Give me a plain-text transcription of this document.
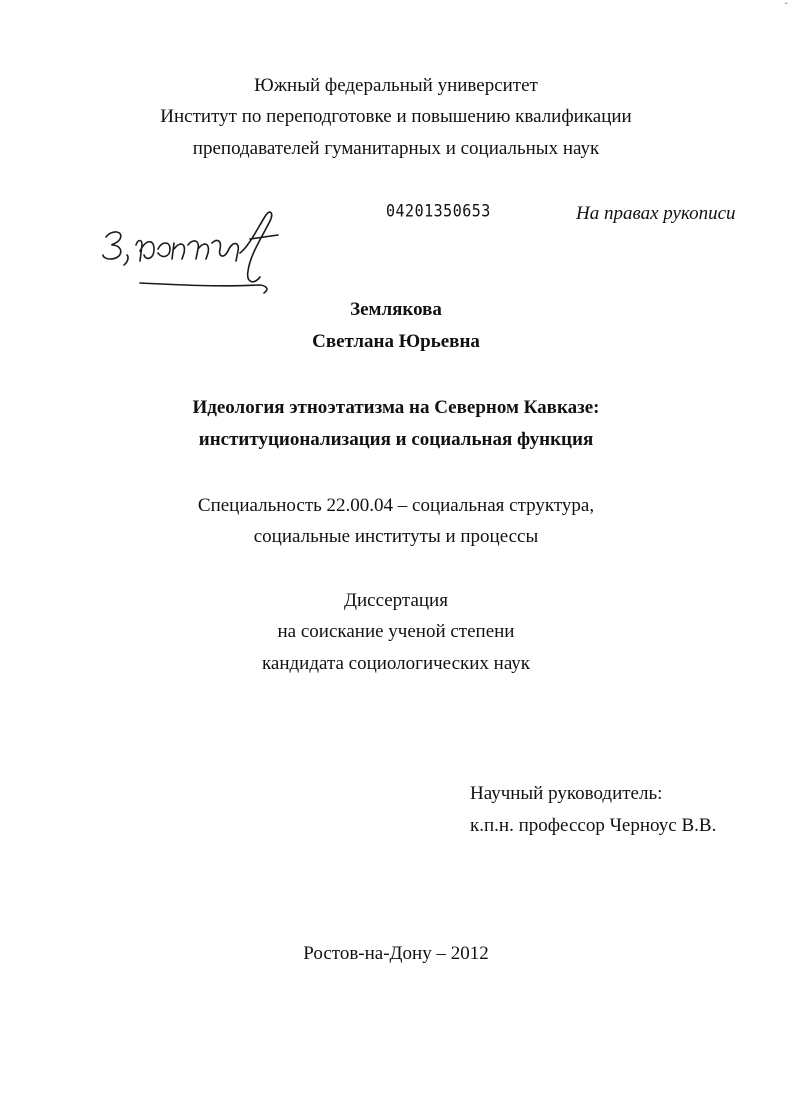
ˇ
Южный федеральный университет
Институт по переподготовке и повышению квалификации
преподавателей гуманитарных и социальных наук
04201350653	На правах рукописи
Землякова
Светлана Юрьевна
Идеология этноэтатизма на Северном Кавказе:
институционализация и социальная функция
Специальность 22.00.04 – социальная структура,
социальные институты и процессы
Диссертация
на соискание ученой степени
кандидата социологических наук
Научный руководитель:
к.п.н. профессор Черноус В.В.
Ростов-на-Дону – 2012
